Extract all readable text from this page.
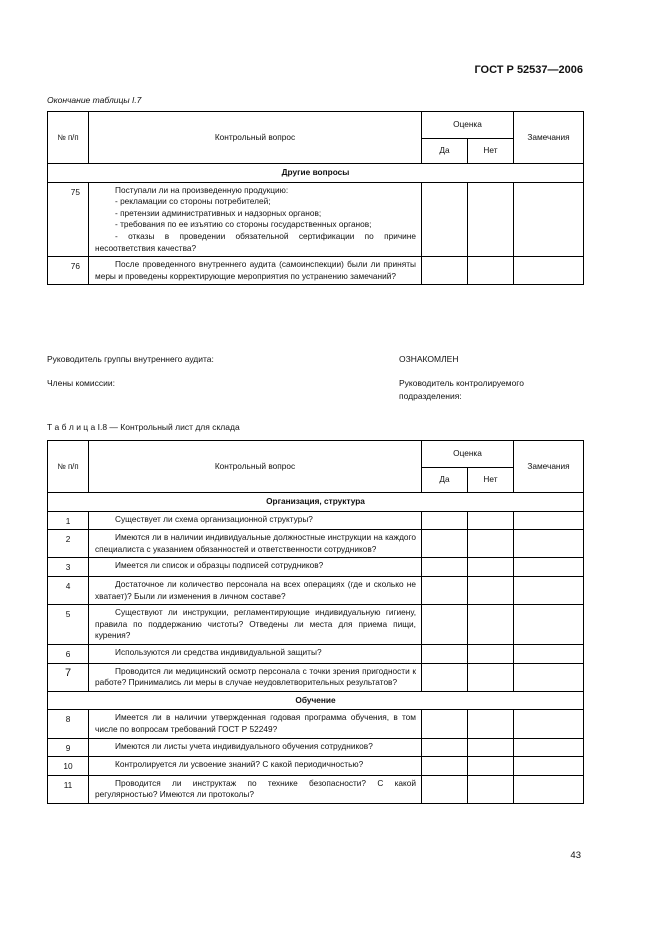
ГОСТ Р 52537—2006
Окончание таблицы I.7
№ п/п	Контрольный вопрос	Оценка		Замечания
		Да	Нет	
Другие вопросы				
75	Поступали ли на произведенную продукцию:
- рекламации со стороны потребителей;
- претензии административных и надзорных органов;
- требования по ее изъятию со стороны государственных органов;
- отказы в проведении обязательной сертификации по причине несоответствия качества?			

76	После проведенного внутреннего аудита (самоинспекции) были ли приняты меры и проведены корректирующие мероприятия по устранению замечаний?			

Руководитель группы внутреннего аудита:
Члены комиссии:
ОЗНАКОМЛЕН
Руководитель контролируемого
подразделения:
Т а б л и ц а I.8 — Контрольный лист для склада
№ п/п	Контрольный вопрос	Оценка		Замечания
		Да	Нет	
Организация, структура				
1	Существует ли схема организационной структуры?			

2	Имеются ли в наличии индивидуальные должностные инструкции на каждого специалиста с указанием обязанностей и ответственности сотрудников?			

3	Имеется ли список и образцы подписей сотрудников?			

4	Достаточное ли количество персонала на всех операциях (где и сколько не хватает)? Были ли изменения в личном составе?			

5	Существуют ли инструкции, регламентирующие индивидуальную гигиену, правила по поддержанию чистоты? Отведены ли места для приема пищи, курения?			

6	Используются ли средства индивидуальной защиты?			

7	Проводится ли медицинский осмотр персонала с точки зрения пригодности к работе? Принимались ли меры в случае неудовлетворительных результатов?			

Обучение				
8	Имеется ли в наличии утвержденная годовая программа обучения, в том числе по вопросам требований ГОСТ Р 52249?			

9	Имеются ли листы учета индивидуального обучения сотрудников?			

10	Контролируется ли усвоение знаний? С какой периодичностью?			

11	Проводится ли инструктаж по технике безопасности? С какой регулярностью? Имеются ли протоколы?			

43
